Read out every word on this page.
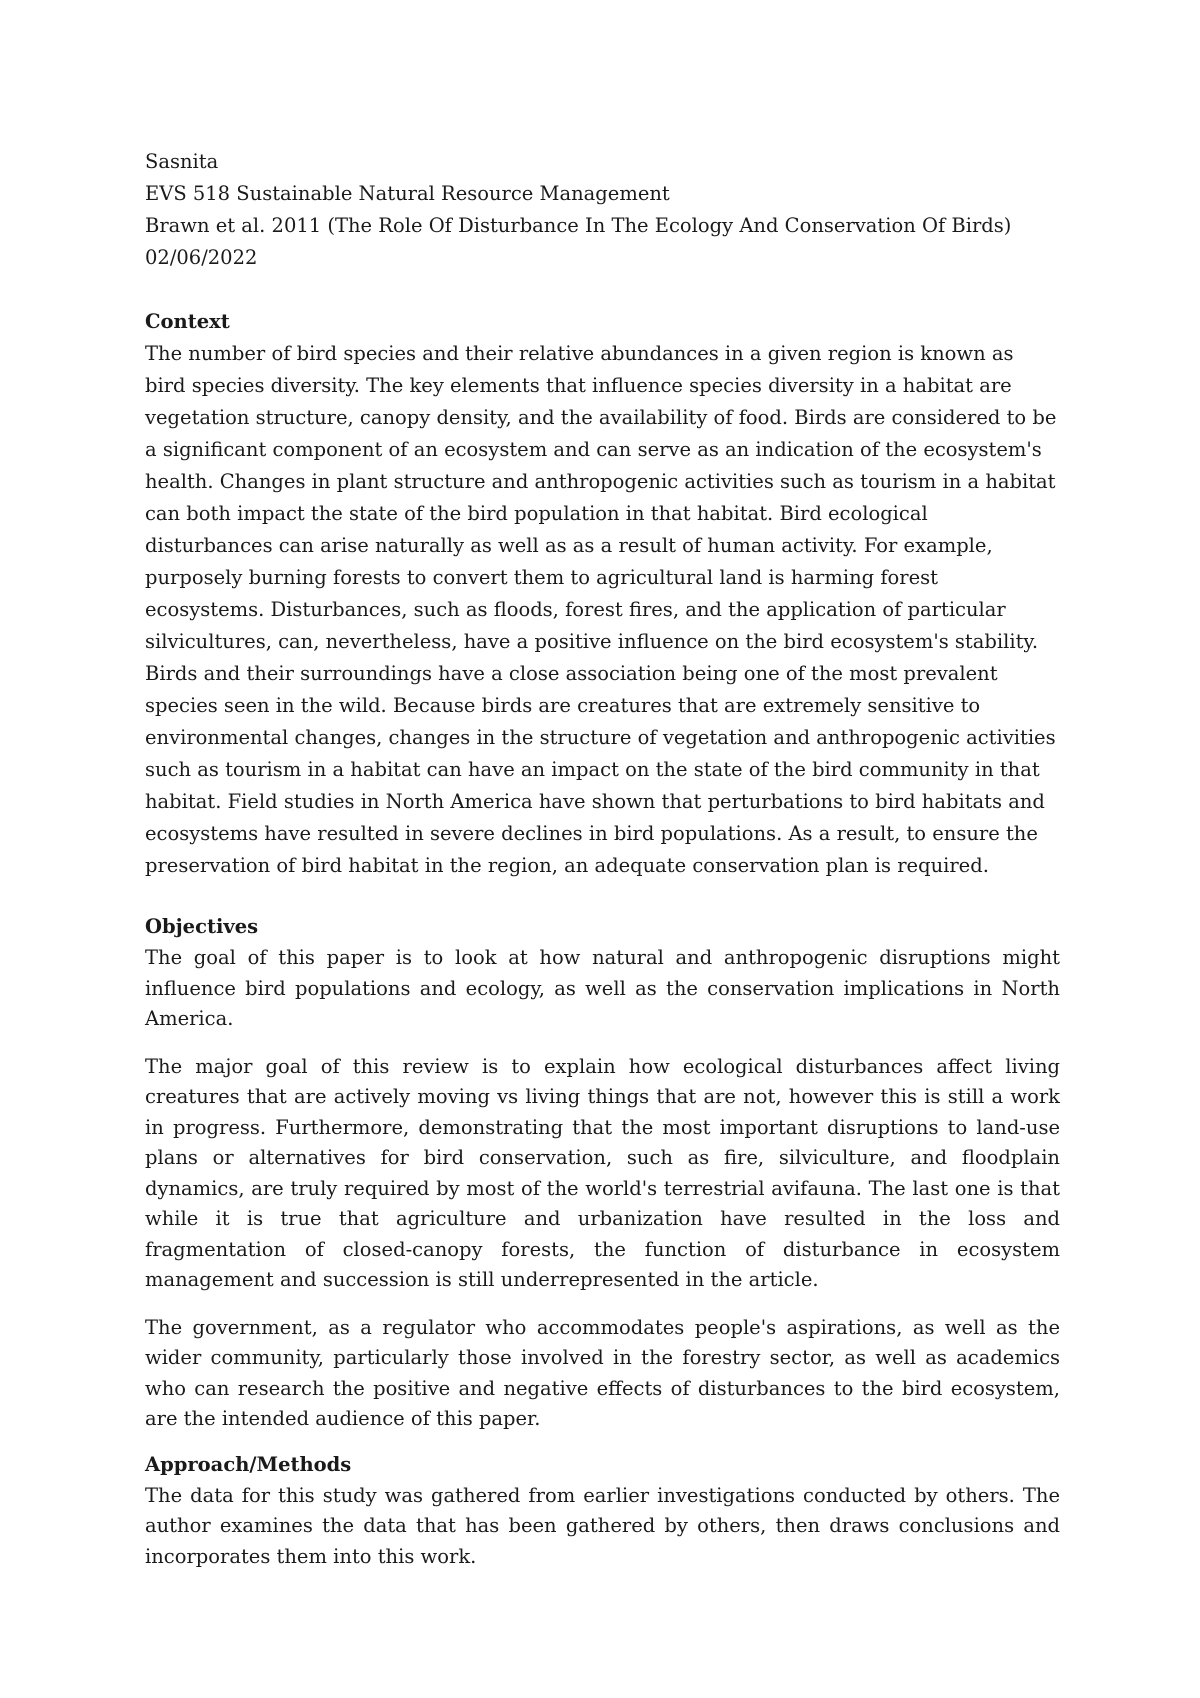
Sasnita

EVS 518 Sustainable Natural Resource Management

Brawn et al. 2011 (The Role Of Disturbance In The Ecology And Conservation Of Birds)

02/06/2022

Context

The number of bird species and their relative abundances in a given region is known as bird species diversity. The key elements that influence species diversity in a habitat are vegetation structure, canopy density, and the availability of food. Birds are considered to be a significant component of an ecosystem and can serve as an indication of the ecosystem's health. Changes in plant structure and anthropogenic activities such as tourism in a habitat can both impact the state of the bird population in that habitat. Bird ecological disturbances can arise naturally as well as as a result of human activity. For example, purposely burning forests to convert them to agricultural land is harming forest ecosystems. Disturbances, such as floods, forest fires, and the application of particular silvicultures, can, nevertheless, have a positive influence on the bird ecosystem's stability. Birds and their surroundings have a close association being one of the most prevalent species seen in the wild. Because birds are creatures that are extremely sensitive to environmental changes, changes in the structure of vegetation and anthropogenic activities such as tourism in a habitat can have an impact on the state of the bird community in that habitat. Field studies in North America have shown that perturbations to bird habitats and ecosystems have resulted in severe declines in bird populations. As a result, to ensure the preservation of bird habitat in the region, an adequate conservation plan is required.

Objectives

The goal of this paper is to look at how natural and anthropogenic disruptions might influence bird populations and ecology, as well as the conservation implications in North America.

The major goal of this review is to explain how ecological disturbances affect living creatures that are actively moving vs living things that are not, however this is still a work in progress. Furthermore, demonstrating that the most important disruptions to land-use plans or alternatives for bird conservation, such as fire, silviculture, and floodplain dynamics, are truly required by most of the world's terrestrial avifauna. The last one is that while it is true that agriculture and urbanization have resulted in the loss and fragmentation of closed-canopy forests, the function of disturbance in ecosystem management and succession is still underrepresented in the article.

The government, as a regulator who accommodates people's aspirations, as well as the wider community, particularly those involved in the forestry sector, as well as academics who can research the positive and negative effects of disturbances to the bird ecosystem, are the intended audience of this paper.

Approach/Methods

The data for this study was gathered from earlier investigations conducted by others. The author examines the data that has been gathered by others, then draws conclusions and incorporates them into this work.
